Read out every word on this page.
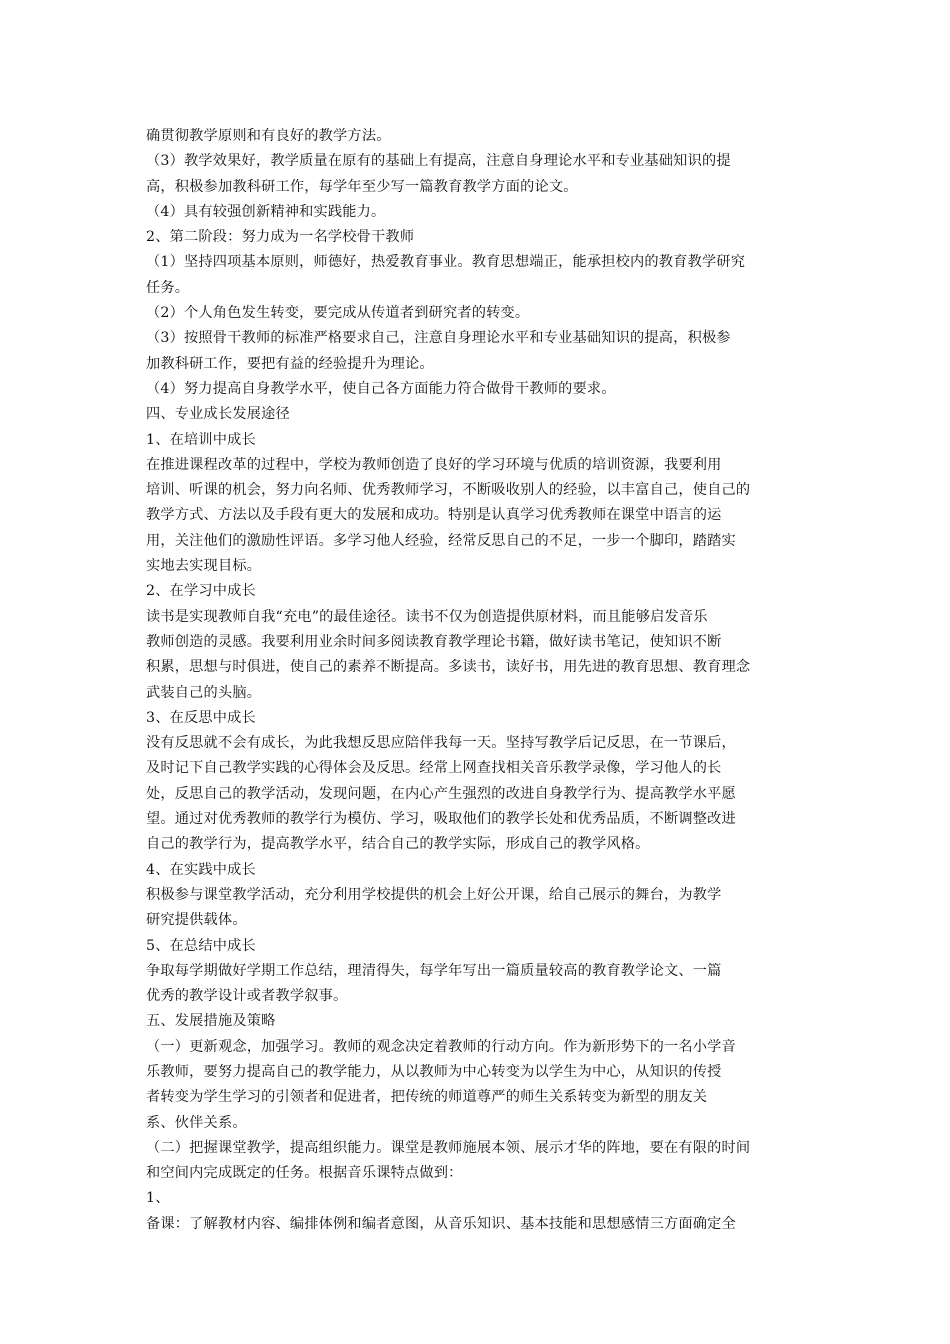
确贯彻教学原则和有良好的教学方法。
（3）教学效果好，教学质量在原有的基础上有提高，注意自身理论水平和专业基础知识的提
高，积极参加教科研工作，每学年至少写一篇教育教学方面的论文。
（4）具有较强创新精神和实践能力。
2、第二阶段：努力成为一名学校骨干教师
（1）坚持四项基本原则，师德好，热爱教育事业。教育思想端正，能承担校内的教育教学研究
任务。
（2）个人角色发生转变，要完成从传道者到研究者的转变。
（3）按照骨干教师的标准严格要求自己，注意自身理论水平和专业基础知识的提高，积极参
加教科研工作，要把有益的经验提升为理论。
（4）努力提高自身教学水平，使自己各方面能力符合做骨干教师的要求。
四、专业成长发展途径
1、在培训中成长
在推进课程改革的过程中，学校为教师创造了良好的学习环境与优质的培训资源，我要利用
培训、听课的机会，努力向名师、优秀教师学习，不断吸收别人的经验，以丰富自己，使自己的
教学方式、方法以及手段有更大的发展和成功。特别是认真学习优秀教师在课堂中语言的运
用，关注他们的激励性评语。多学习他人经验，经常反思自己的不足，一步一个脚印，踏踏实
实地去实现目标。
2、在学习中成长
读书是实现教师自我“充电”的最佳途径。读书不仅为创造提供原材料，而且能够启发音乐
教师创造的灵感。我要利用业余时间多阅读教育教学理论书籍，做好读书笔记，使知识不断
积累，思想与时俱进，使自己的素养不断提高。多读书，读好书，用先进的教育思想、教育理念
武装自己的头脑。
3、在反思中成长
没有反思就不会有成长，为此我想反思应陪伴我每一天。坚持写教学后记反思，在一节课后，
及时记下自己教学实践的心得体会及反思。经常上网查找相关音乐教学录像，学习他人的长
处，反思自己的教学活动，发现问题，在内心产生强烈的改进自身教学行为、提高教学水平愿
望。通过对优秀教师的教学行为模仿、学习，吸取他们的教学长处和优秀品质，不断调整改进
自己的教学行为，提高教学水平，结合自己的教学实际，形成自己的教学风格。
4、在实践中成长
积极参与课堂教学活动，充分利用学校提供的机会上好公开课，给自己展示的舞台，为教学
研究提供载体。
5、在总结中成长
争取每学期做好学期工作总结，理清得失，每学年写出一篇质量较高的教育教学论文、一篇
优秀的教学设计或者教学叙事。
五、发展措施及策略
（一）更新观念，加强学习。教师的观念决定着教师的行动方向。作为新形势下的一名小学音
乐教师，要努力提高自己的教学能力，从以教师为中心转变为以学生为中心，从知识的传授
者转变为学生学习的引领者和促进者，把传统的师道尊严的师生关系转变为新型的朋友关
系、伙伴关系。
（二）把握课堂教学，提高组织能力。课堂是教师施展本领、展示才华的阵地，要在有限的时间
和空间内完成既定的任务。根据音乐课特点做到：
1、
备课：了解教材内容、编排体例和编者意图，从音乐知识、基本技能和思想感情三方面确定全
